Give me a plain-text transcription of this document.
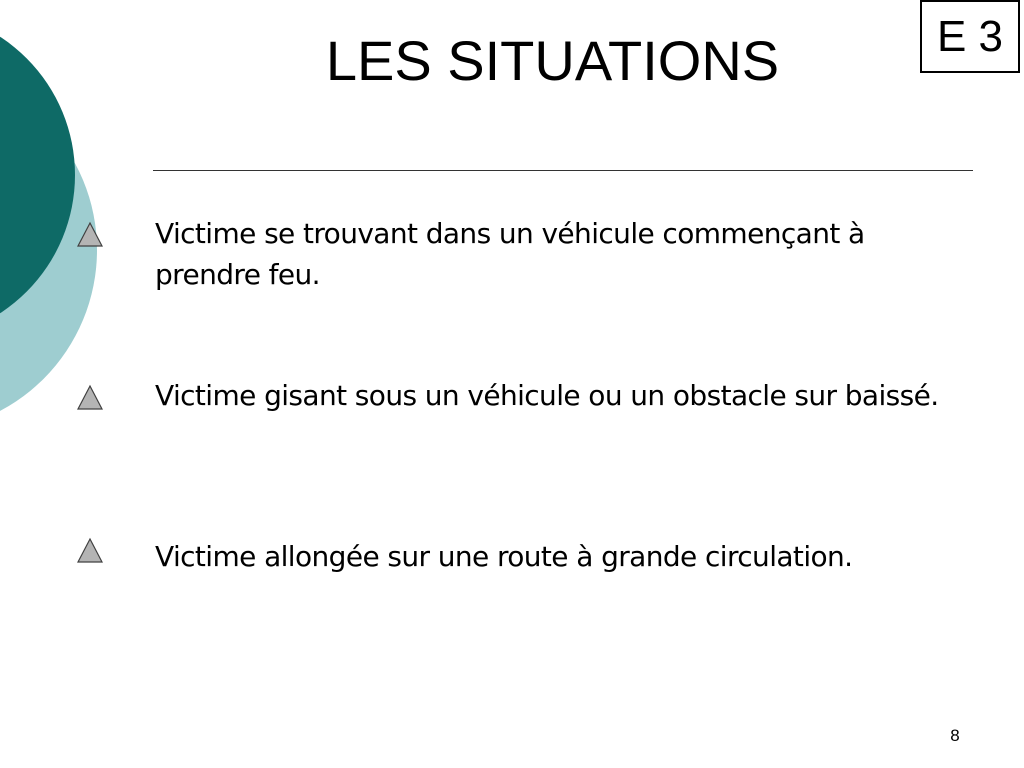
LES SITUATIONS	E 3
Victime se trouvant dans un véhicule commençant à prendre feu.
Victime gisant sous un véhicule ou un obstacle sur baissé.
Victime allongée sur une route à grande circulation.
8
